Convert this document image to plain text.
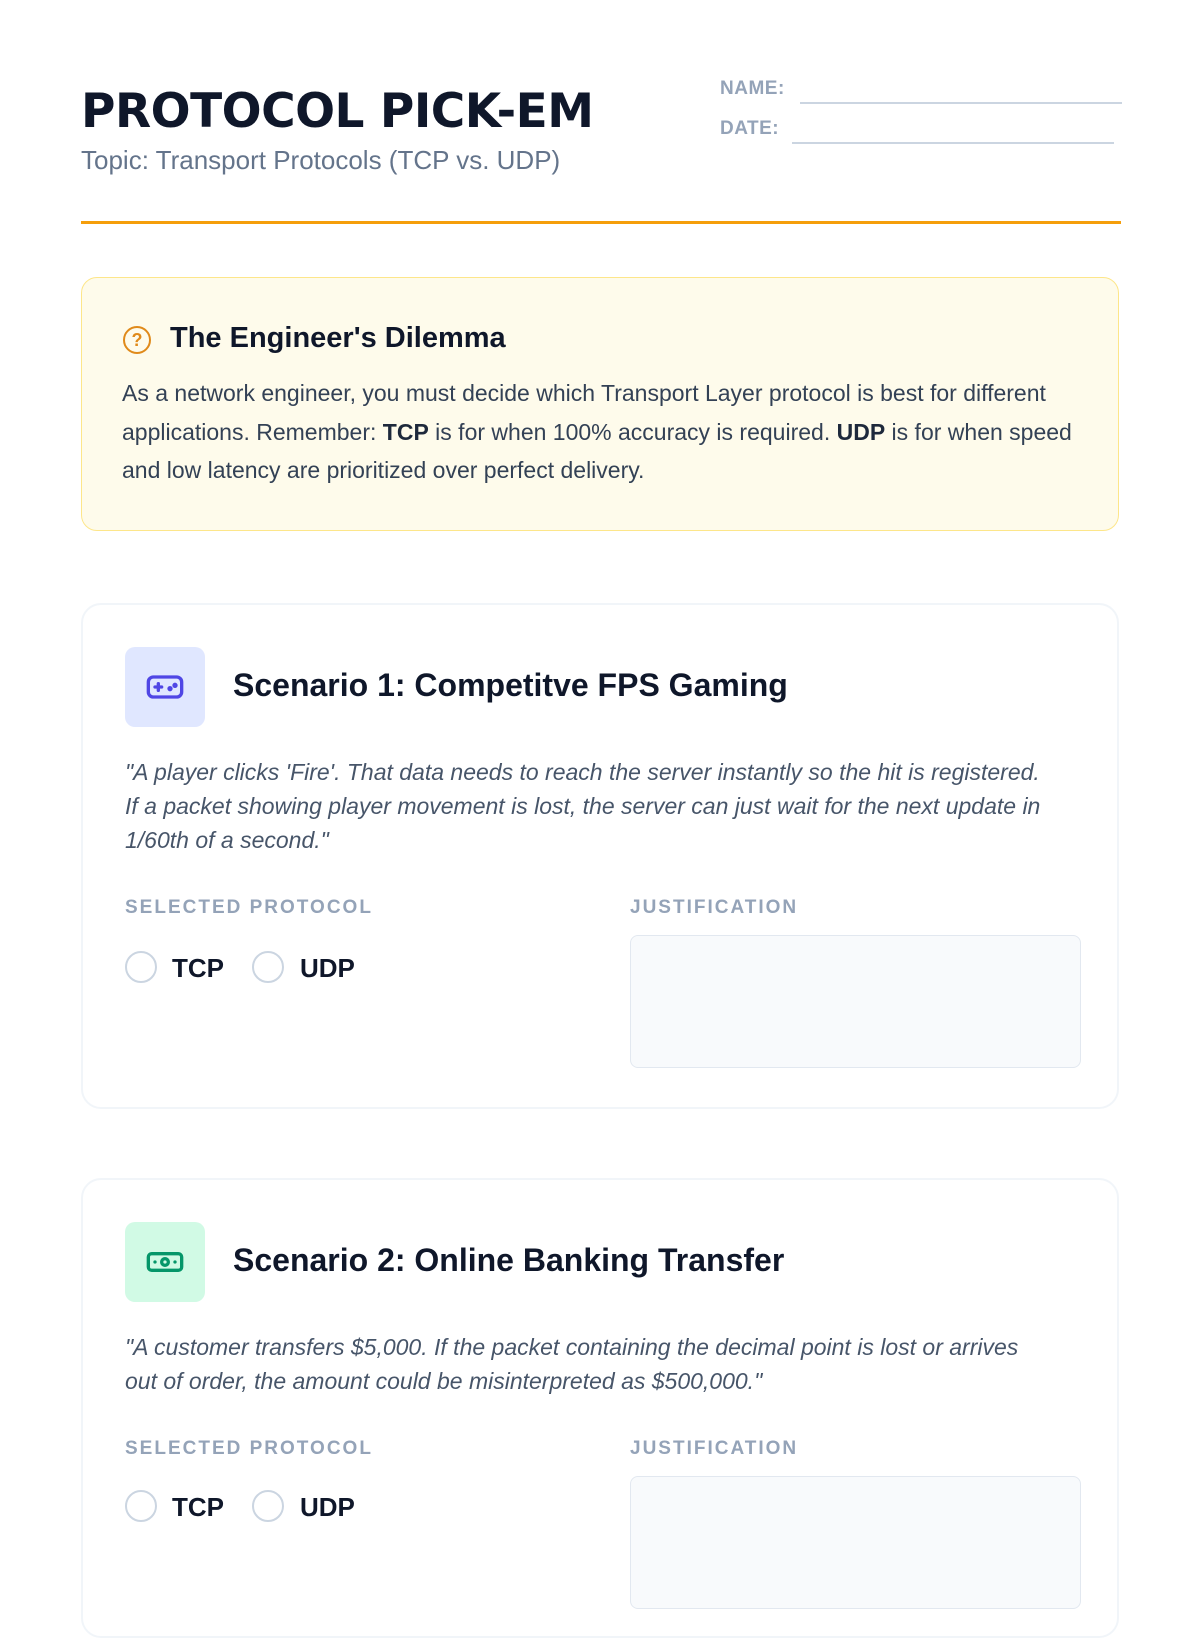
PROTOCOL PICK-EM
Topic: Transport Protocols (TCP vs. UDP)
NAME:
DATE:
? The Engineer's Dilemma
As a network engineer, you must decide which Transport Layer protocol is best for different applications. Remember: TCP is for when 100% accuracy is required. UDP is for when speed and low latency are prioritized over perfect delivery.
Scenario 1: Competitve FPS Gaming
"A player clicks 'Fire'. That data needs to reach the server instantly so the hit is registered. If a packet showing player movement is lost, the server can just wait for the next update in 1/60th of a second."
SELECTED PROTOCOL	JUSTIFICATION
TCP	UDP
Scenario 2: Online Banking Transfer
"A customer transfers $5,000. If the packet containing the decimal point is lost or arrives out of order, the amount could be misinterpreted as $500,000."
SELECTED PROTOCOL	JUSTIFICATION
TCP	UDP
